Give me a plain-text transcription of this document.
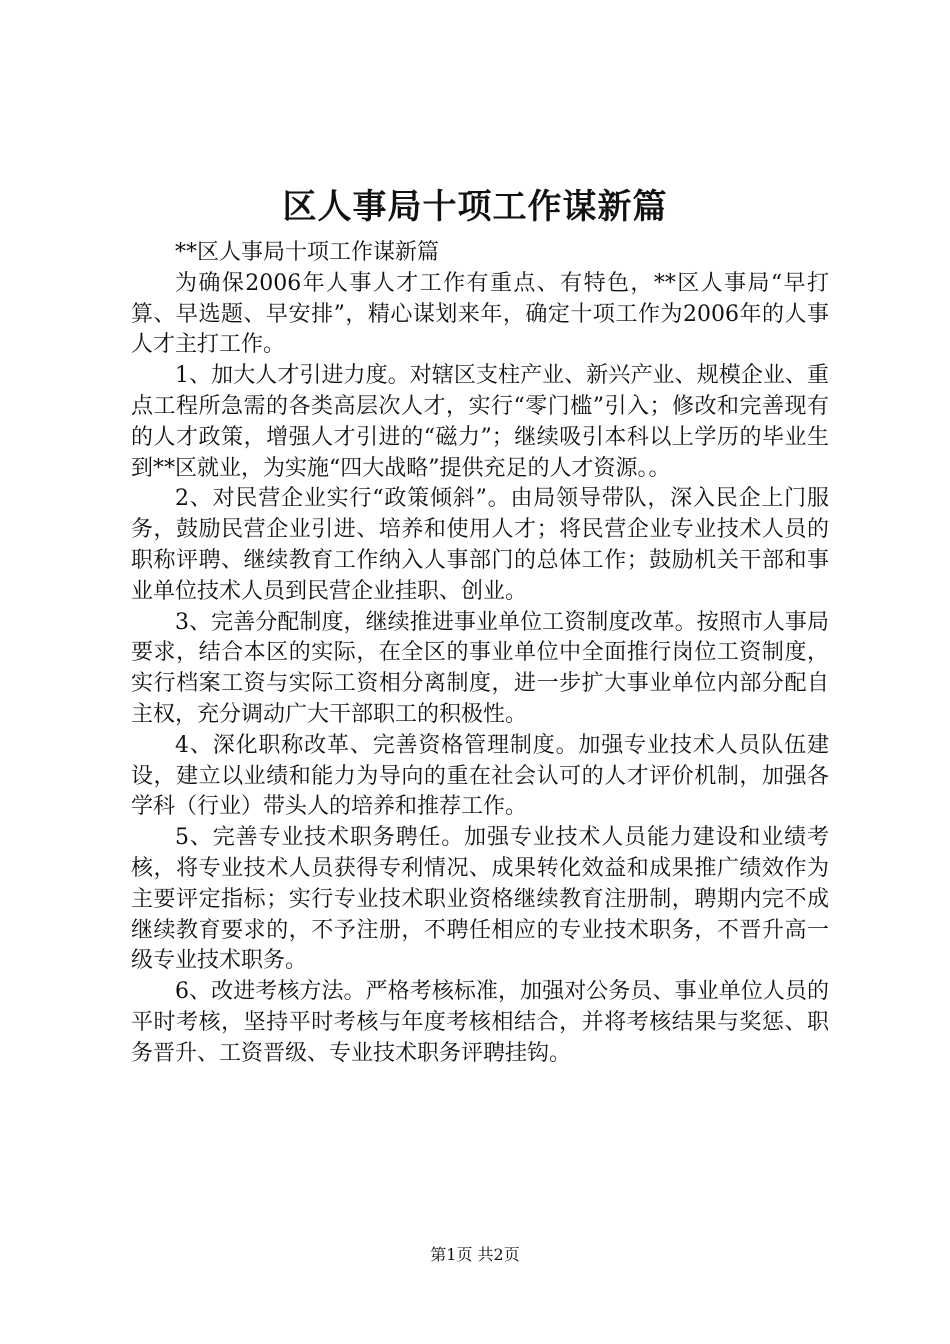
区人事局十项工作谋新篇

**区人事局十项工作谋新篇

为确保2006年人事人才工作有重点、有特色，**区人事局“早打算、早选题、早安排”，精心谋划来年，确定十项工作为2006年的人事人才主打工作。

1、加大人才引进力度。对辖区支柱产业、新兴产业、规模企业、重点工程所急需的各类高层次人才，实行“零门槛”引入；修改和完善现有的人才政策，增强人才引进的“磁力”；继续吸引本科以上学历的毕业生到**区就业，为实施“四大战略”提供充足的人才资源。。

2、对民营企业实行“政策倾斜”。由局领导带队，深入民企上门服务，鼓励民营企业引进、培养和使用人才；将民营企业专业技术人员的职称评聘、继续教育工作纳入人事部门的总体工作；鼓励机关干部和事业单位技术人员到民营企业挂职、创业。

3、完善分配制度，继续推进事业单位工资制度改革。按照市人事局要求，结合本区的实际，在全区的事业单位中全面推行岗位工资制度，实行档案工资与实际工资相分离制度，进一步扩大事业单位内部分配自主权，充分调动广大干部职工的积极性。

4、深化职称改革、完善资格管理制度。加强专业技术人员队伍建设，建立以业绩和能力为导向的重在社会认可的人才评价机制，加强各学科（行业）带头人的培养和推荐工作。

5、完善专业技术职务聘任。加强专业技术人员能力建设和业绩考核，将专业技术人员获得专利情况、成果转化效益和成果推广绩效作为主要评定指标；实行专业技术职业资格继续教育注册制，聘期内完不成继续教育要求的，不予注册，不聘任相应的专业技术职务，不晋升高一级专业技术职务。

6、改进考核方法。严格考核标准，加强对公务员、事业单位人员的平时考核，坚持平时考核与年度考核相结合，并将考核结果与奖惩、职务晋升、工资晋级、专业技术职务评聘挂钩。

第1页 共2页
